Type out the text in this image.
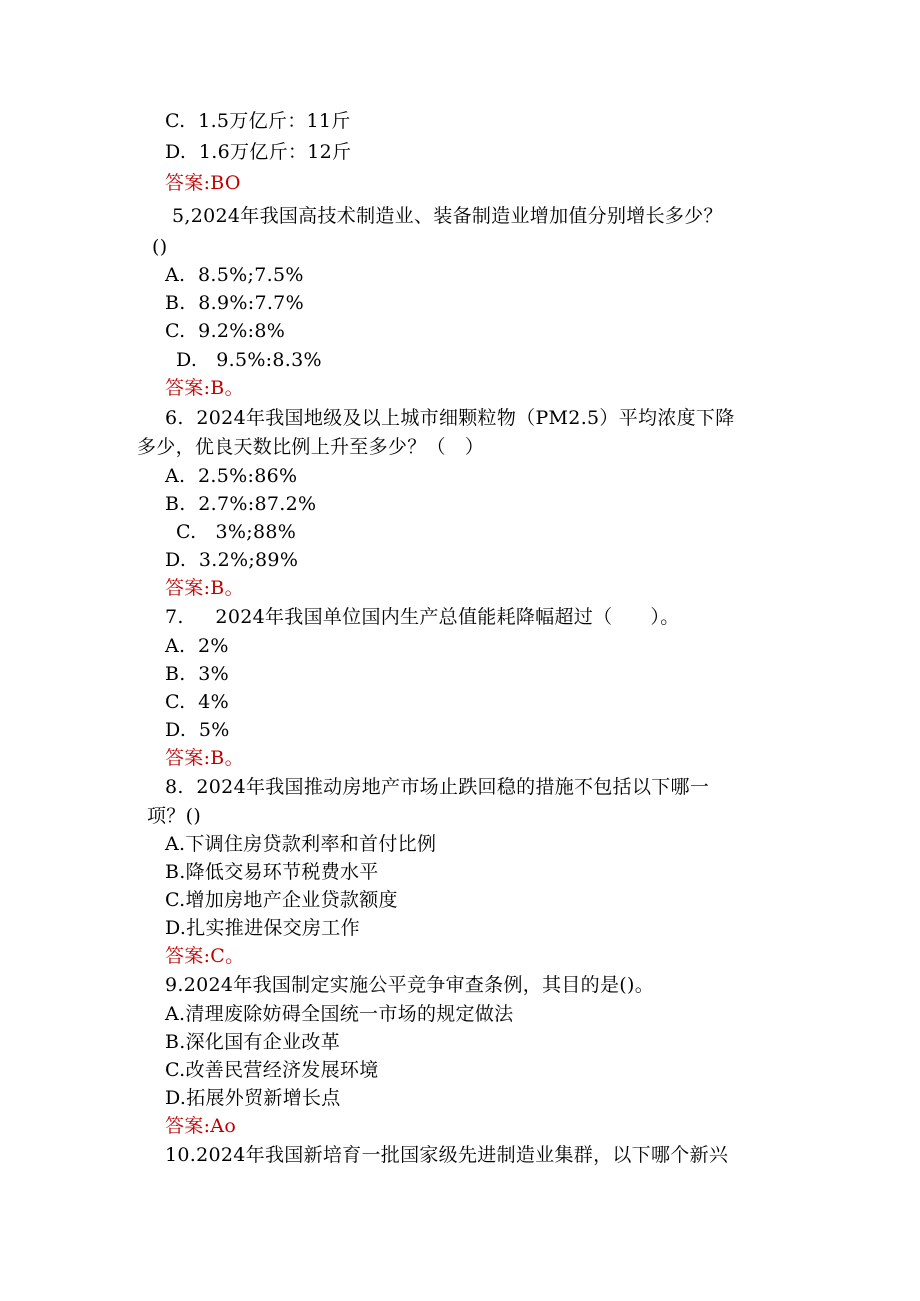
C.  1.5万亿斤：11斤
D.  1.6万亿斤：12斤
答案:BO
5,2024年我国高技术制造业、装备制造业增加值分别增长多少？
()
A.  8.5%;7.5%
B.  8.9%:7.7%
C.  9.2%:8%
D.   9.5%:8.3%
答案:B。
6.  2024年我国地级及以上城市细颗粒物（PM2.5）平均浓度下降
多少，优良天数比例上升至多少？（   ）
A.  2.5%:86%
B.  2.7%:87.2%
C.   3%;88%
D.  3.2%;89%
答案:B。
7.     2024年我国单位国内生产总值能耗降幅超过（      ）。
A.  2%
B.  3%
C.  4%
D.  5%
答案:B。
8.  2024年我国推动房地产市场止跌回稳的措施不包括以下哪一
项？()
A.下调住房贷款利率和首付比例
B.降低交易环节税费水平
C.增加房地产企业贷款额度
D.扎实推进保交房工作
答案:C。
9.2024年我国制定实施公平竞争审查条例，其目的是()。
A.清理废除妨碍全国统一市场的规定做法
B.深化国有企业改革
C.改善民营经济发展环境
D.拓展外贸新增长点
答案:Ao
10.2024年我国新培育一批国家级先进制造业集群，以下哪个新兴
